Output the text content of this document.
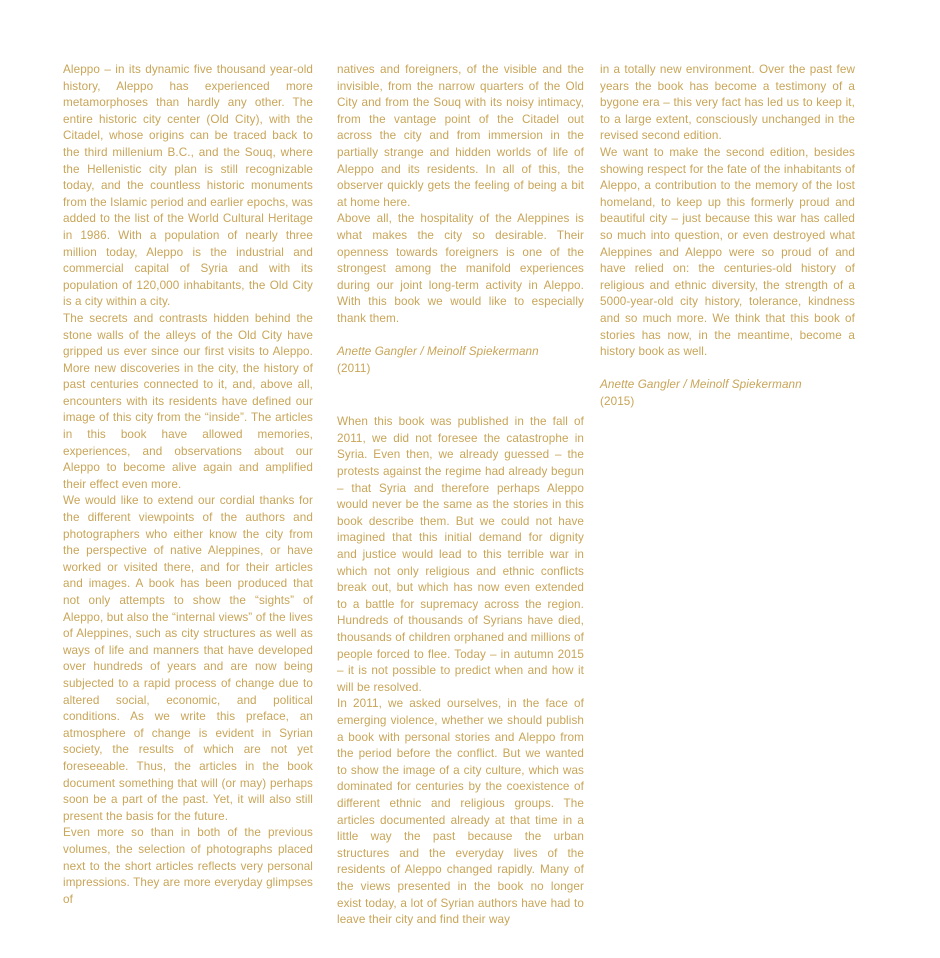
Aleppo – in its dynamic five thousand year-old history, Aleppo has experienced more metamorphoses than hardly any other. The entire historic city center (Old City), with the Citadel, whose origins can be traced back to the third millenium B.C., and the Souq, where the Hellenistic city plan is still recognizable today, and the countless historic monuments from the Islamic period and earlier epochs, was added to the list of the World Cultural Heritage in 1986. With a population of nearly three million today, Aleppo is the industrial and commercial capital of Syria and with its population of 120,000 inhabitants, the Old City is a city within a city.

The secrets and contrasts hidden behind the stone walls of the alleys of the Old City have gripped us ever since our first visits to Aleppo. More new discoveries in the city, the history of past centuries connected to it, and, above all, encounters with its residents have defined our image of this city from the “inside”. The articles in this book have allowed memories, experiences, and observations about our Aleppo to become alive again and amplified their effect even more.

We would like to extend our cordial thanks for the different viewpoints of the authors and photographers who either know the city from the perspective of native Aleppines, or have worked or visited there, and for their articles and images. A book has been produced that not only attempts to show the “sights” of Aleppo, but also the “internal views” of the lives of Aleppines, such as city structures as well as ways of life and manners that have developed over hundreds of years and are now being subjected to a rapid process of change due to altered social, economic, and political conditions. As we write this preface, an atmosphere of change is evident in Syrian society, the results of which are not yet foreseeable. Thus, the articles in the book document something that will (or may) perhaps soon be a part of the past. Yet, it will also still present the basis for the future.

Even more so than in both of the previous volumes, the selection of photographs placed next to the short articles reflects very personal impressions. They are more everyday glimpses of

natives and foreigners, of the visible and the invisible, from the narrow quarters of the Old City and from the Souq with its noisy intimacy, from the vantage point of the Citadel out across the city and from immersion in the partially strange and hidden worlds of life of Aleppo and its residents. In all of this, the observer quickly gets the feeling of being a bit at home here.

Above all, the hospitality of the Aleppines is what makes the city so desirable. Their openness towards foreigners is one of the strongest among the manifold experiences during our joint long-term activity in Aleppo. With this book we would like to especially thank them.

Anette Gangler / Meinolf Spiekermann

(2011)

When this book was published in the fall of 2011, we did not foresee the catastrophe in Syria. Even then, we already guessed – the protests against the regime had already begun – that Syria and therefore perhaps Aleppo would never be the same as the stories in this book describe them. But we could not have imagined that this initial demand for dignity and justice would lead to this terrible war in which not only religious and ethnic conflicts break out, but which has now even extended to a battle for supremacy across the region. Hundreds of thousands of Syrians have died, thousands of children orphaned and millions of people forced to flee. Today – in autumn 2015 – it is not possible to predict when and how it will be resolved.

In 2011, we asked ourselves, in the face of emerging violence, whether we should publish a book with personal stories and Aleppo from the period before the conflict. But we wanted to show the image of a city culture, which was dominated for centuries by the coexistence of different ethnic and religious groups. The articles documented already at that time in a little way the past because the urban structures and the everyday lives of the residents of Aleppo changed rapidly. Many of the views presented in the book no longer exist today, a lot of Syrian authors have had to leave their city and find their way

in a totally new environment. Over the past few years the book has become a testimony of a bygone era – this very fact has led us to keep it, to a large extent, consciously unchanged in the revised second edition.

We want to make the second edition, besides showing respect for the fate of the inhabitants of Aleppo, a contribution to the memory of the lost homeland, to keep up this formerly proud and beautiful city – just because this war has called so much into question, or even destroyed what Aleppines and Aleppo were so proud of and have relied on: the centuries-old history of religious and ethnic diversity, the strength of a 5000-year-old city history, tolerance, kindness and so much more. We think that this book of stories has now, in the meantime, become a history book as well.

Anette Gangler / Meinolf Spiekermann

(2015)
